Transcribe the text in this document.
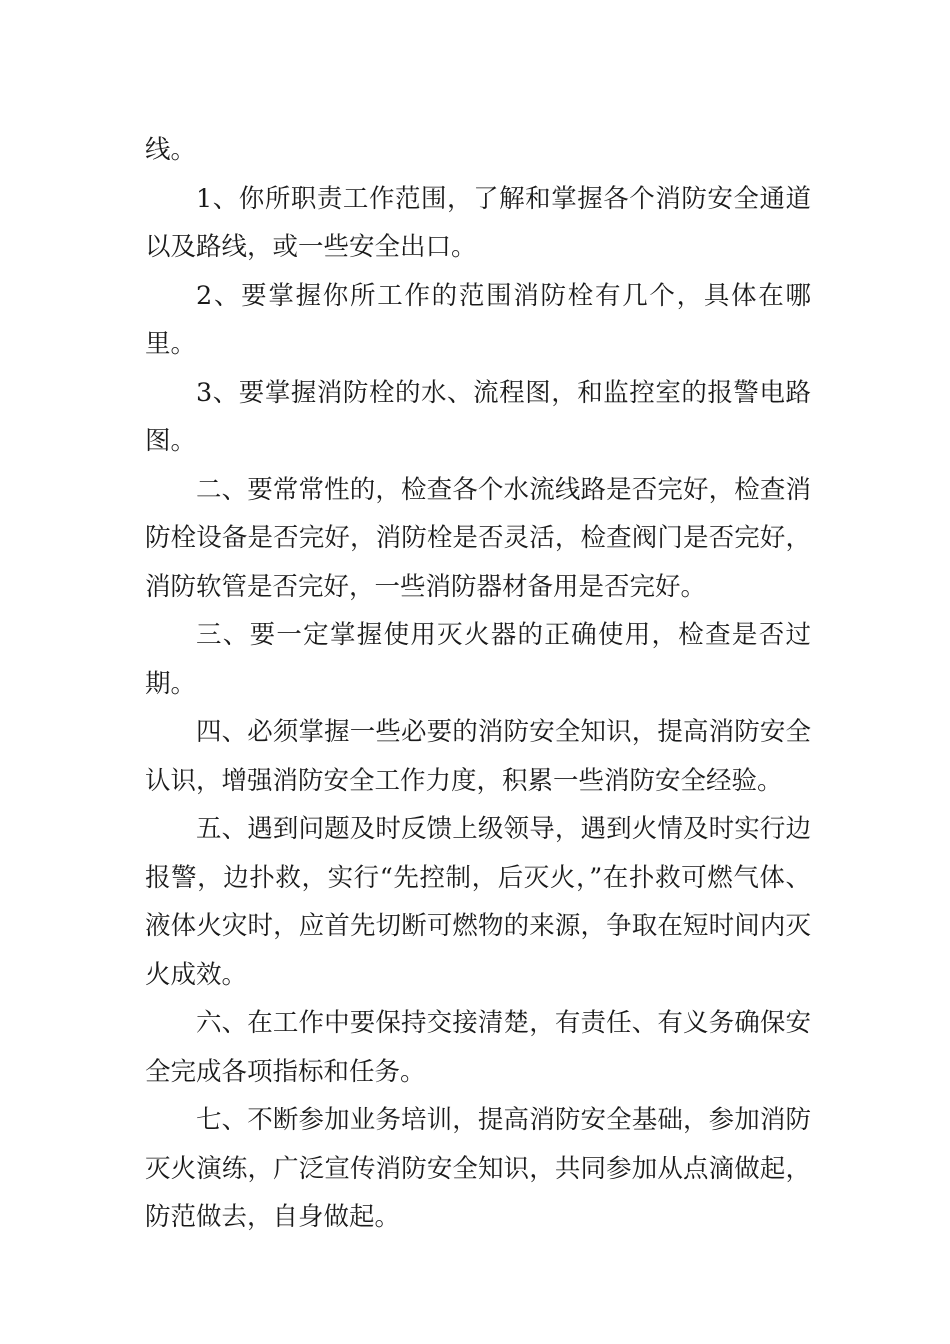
线。

1、你所职责工作范围，了解和掌握各个消防安全通道以及路线，或一些安全出口。

2、要掌握你所工作的范围消防栓有几个，具体在哪里。

3、要掌握消防栓的水、流程图，和监控室的报警电路图。

二、要常常性的，检查各个水流线路是否完好，检查消防栓设备是否完好，消防栓是否灵活，检查阀门是否完好，消防软管是否完好，一些消防器材备用是否完好。

三、要一定掌握使用灭火器的正确使用，检查是否过期。

四、必须掌握一些必要的消防安全知识，提高消防安全认识，增强消防安全工作力度，积累一些消防安全经验。

五、遇到问题及时反馈上级领导，遇到火情及时实行边报警，边扑救，实行“先控制，后灭火，”在扑救可燃气体、液体火灾时，应首先切断可燃物的来源，争取在短时间内灭火成效。

六、在工作中要保持交接清楚，有责任、有义务确保安全完成各项指标和任务。

七、不断参加业务培训，提高消防安全基础，参加消防灭火演练，广泛宣传消防安全知识，共同参加从点滴做起，防范做去，自身做起。
